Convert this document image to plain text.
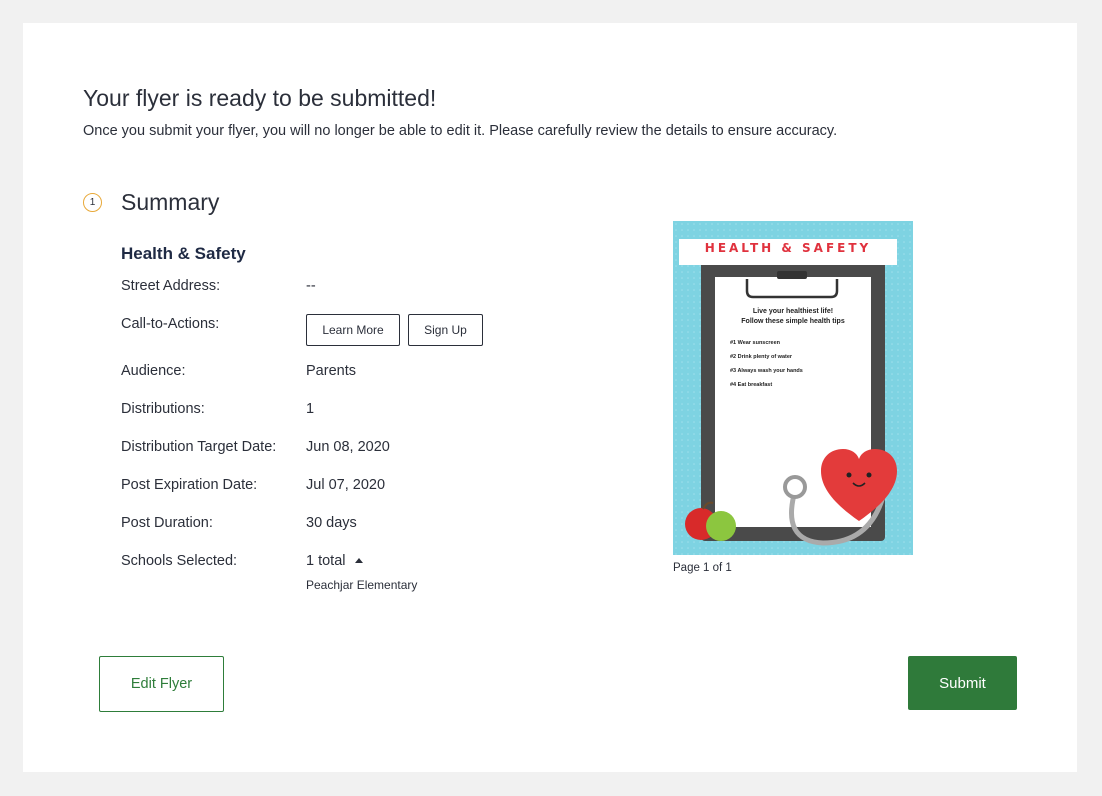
Your flyer is ready to be submitted!

Once you submit your flyer, you will no longer be able to edit it. Please carefully review the details to ensure accuracy.

1 Summary
Health & Safety
Street Address:	--
Call-to-Actions:	Learn More	Sign Up
Audience:	Parents
Distributions:	1
Distribution Target Date: Jun 08, 2020
Post Expiration Date:	Jul 07, 2020
Post Duration:	30 days
Schools Selected:	1 total
Peachjar Elementary
HEALTH & SAFETY
Live your healthiest life!
Follow these simple health tips
#1 Wear sunscreen
#2 Drink plenty of water
#3 Always wash your hands
#4 Eat breakfast
Page 1 of 1
Edit Flyer	Submit
